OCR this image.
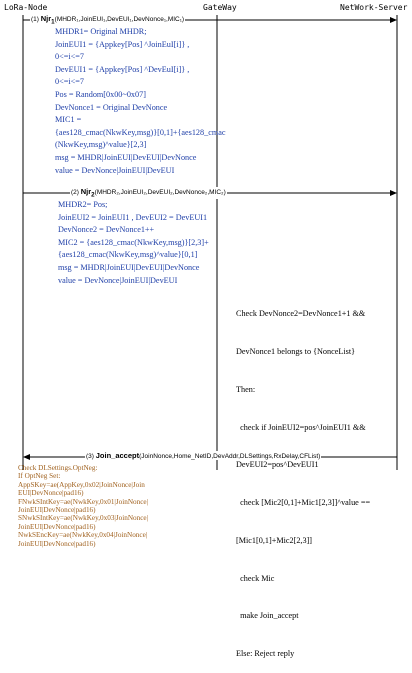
LoRa-Node	GateWay	NetWork-Server
(1) Njr$_1$(MHDR₁,JoinEUI₁,DevEUI₁,DevNonce₁,MIC₁)
(2) Njr$_2$(MHDR₂,JoinEUI₂,DevEUI₂,DevNonce₂,MIC₂)
(3) Join_accept(JoinNonce,Home_NetID,DevAddr,DLSettings,RxDelay,CFList)
MHDR1= Original MHDR;
JoinEUI1 = {Appkey[Pos] ^JoinEuI[i]} ,
0<=i<=7
DevEUI1 = {Appkey[Pos] ^DevEuI[i]} ,
0<=i<=7
Pos = Random[0x00~0x07]
DevNonce1 = Original DevNonce
MIC1 =
{aes128_cmac(NkwKey,msg)}[0,1]+{aes128_cmac
(NkwKey,msg)^value}[2,3]
msg = MHDR|JoinEUI|DevEUI|DevNonce
value = DevNonce|JoinEUI|DevEUI
MHDR2= Pos;
JoinEUI2 = JoinEUI1 , DevEUI2 = DevEUI1
DevNonce2 = DevNonce1++
MIC2 = {aes128_cmac(NkwKey,msg)}[2,3]+
{aes128_cmac(NkwKey,msg)^value}[0,1]
msg = MHDR|JoinEUI|DevEUI|DevNonce
value = DevNonce|JoinEUI|DevEUI

Check DevNonce2=DevNonce1+1 &&

DevNonce1 belongs to {NonceList}

Then:

check if JoinEUI2=pos^JoinEUI1 &&

DevEUI2=pos^DevEUI1

check [Mic2[0,1]+Mic1[2,3]]^value ==

[Mic1[0,1]+Mic2[2,3]]

check Mic

make Join_accept

Else: Reject reply

Check DLSettings.OptNeg:
If OptNeg Set:
AppSKey=ae(AppKey,0x02|JoinNonce|Join
EUI|DevNonce|pad16)
FNwkSIntKey=ae(NwkKey,0x01|JoinNonce|
JoinEUI|DevNonce|pad16)
SNwkSIntKey=ae(NwkKey,0x03|JoinNonce|
JoinEUI|DevNonce|pad16)
NwkSEncKey=ae(NwkKey,0x04|JoinNonce|
JoinEUI|DevNonce|pad16)
